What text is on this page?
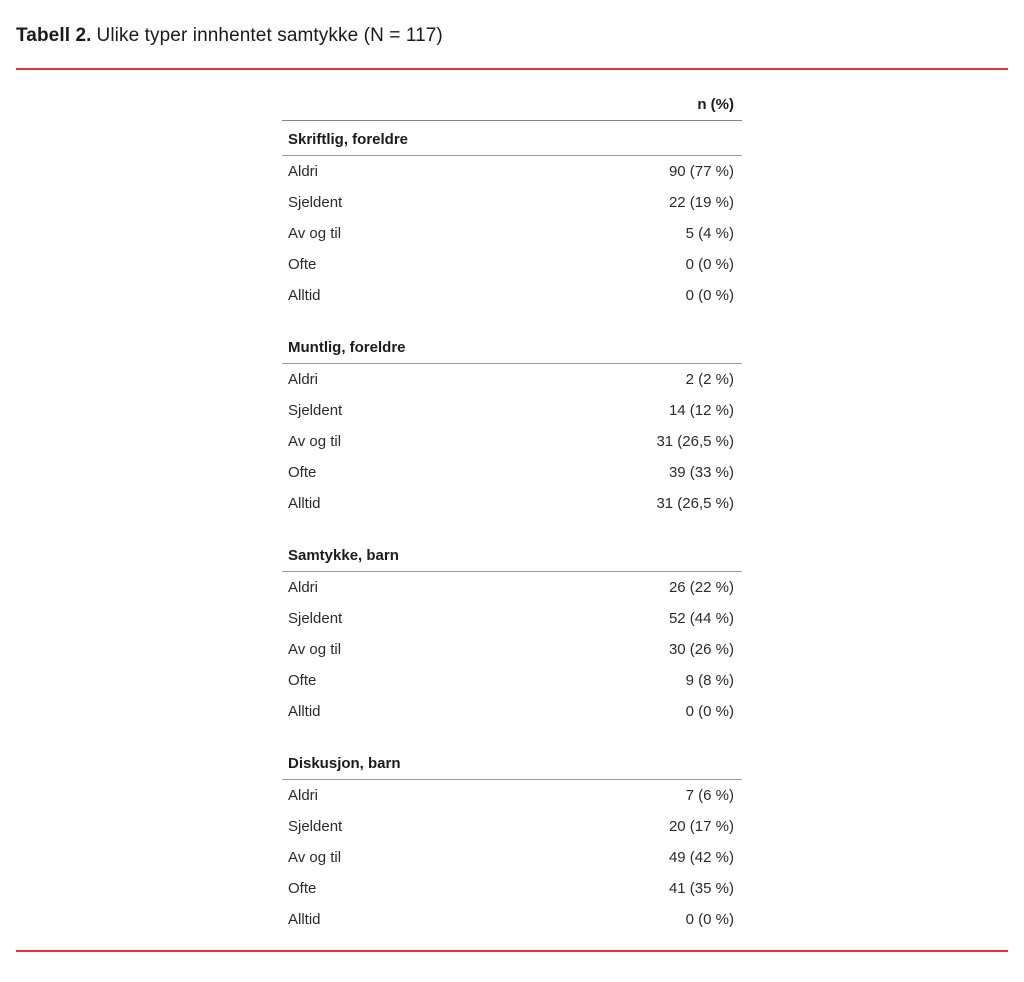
Tabell 2. Ulike typer innhentet samtykke (N = 117)
n (%)
Skriftlig, foreldre
Aldri	90 (77 %)
Sjeldent	22 (19 %)
Av og til	5 (4 %)
Ofte	0 (0 %)
Alltid	0 (0 %)
Muntlig, foreldre
Aldri	2 (2 %)
Sjeldent	14 (12 %)
Av og til	31 (26,5 %)
Ofte	39 (33 %)
Alltid	31 (26,5 %)
Samtykke, barn
Aldri	26 (22 %)
Sjeldent	52 (44 %)
Av og til	30 (26 %)
Ofte	9 (8 %)
Alltid	0 (0 %)
Diskusjon, barn
Aldri	7 (6 %)
Sjeldent	20 (17 %)
Av og til	49 (42 %)
Ofte	41 (35 %)
Alltid	0 (0 %)
